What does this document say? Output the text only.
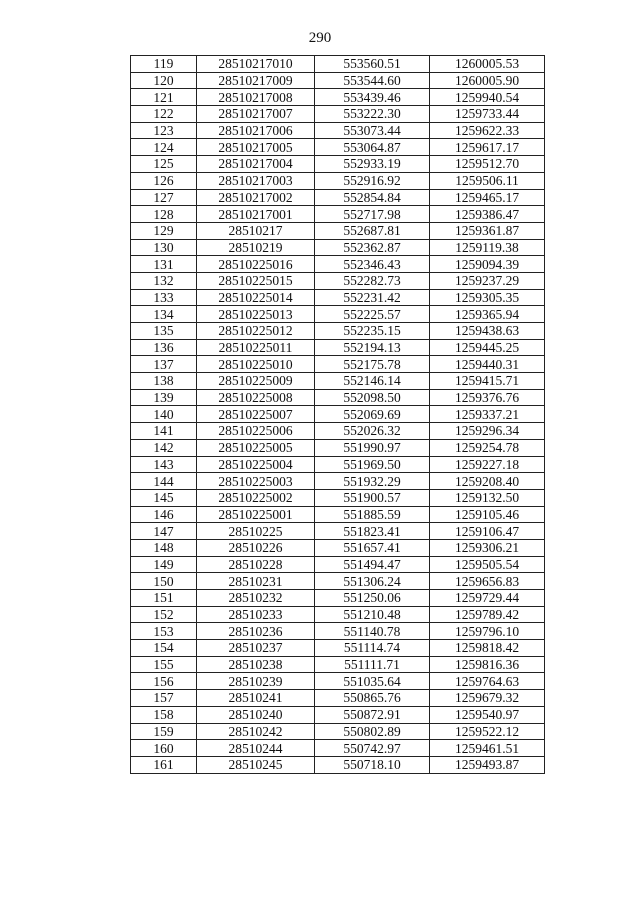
290
119	28510217010	553560.51	1260005.53
120	28510217009	553544.60	1260005.90
121	28510217008	553439.46	1259940.54
122	28510217007	553222.30	1259733.44
123	28510217006	553073.44	1259622.33
124	28510217005	553064.87	1259617.17
125	28510217004	552933.19	1259512.70
126	28510217003	552916.92	1259506.11
127	28510217002	552854.84	1259465.17
128	28510217001	552717.98	1259386.47
129	28510217	552687.81	1259361.87
130	28510219	552362.87	1259119.38
131	28510225016	552346.43	1259094.39
132	28510225015	552282.73	1259237.29
133	28510225014	552231.42	1259305.35
134	28510225013	552225.57	1259365.94
135	28510225012	552235.15	1259438.63
136	28510225011	552194.13	1259445.25
137	28510225010	552175.78	1259440.31
138	28510225009	552146.14	1259415.71
139	28510225008	552098.50	1259376.76
140	28510225007	552069.69	1259337.21
141	28510225006	552026.32	1259296.34
142	28510225005	551990.97	1259254.78
143	28510225004	551969.50	1259227.18
144	28510225003	551932.29	1259208.40
145	28510225002	551900.57	1259132.50
146	28510225001	551885.59	1259105.46
147	28510225	551823.41	1259106.47
148	28510226	551657.41	1259306.21
149	28510228	551494.47	1259505.54
150	28510231	551306.24	1259656.83
151	28510232	551250.06	1259729.44
152	28510233	551210.48	1259789.42
153	28510236	551140.78	1259796.10
154	28510237	551114.74	1259818.42
155	28510238	551111.71	1259816.36
156	28510239	551035.64	1259764.63
157	28510241	550865.76	1259679.32
158	28510240	550872.91	1259540.97
159	28510242	550802.89	1259522.12
160	28510244	550742.97	1259461.51
161	28510245	550718.10	1259493.87
